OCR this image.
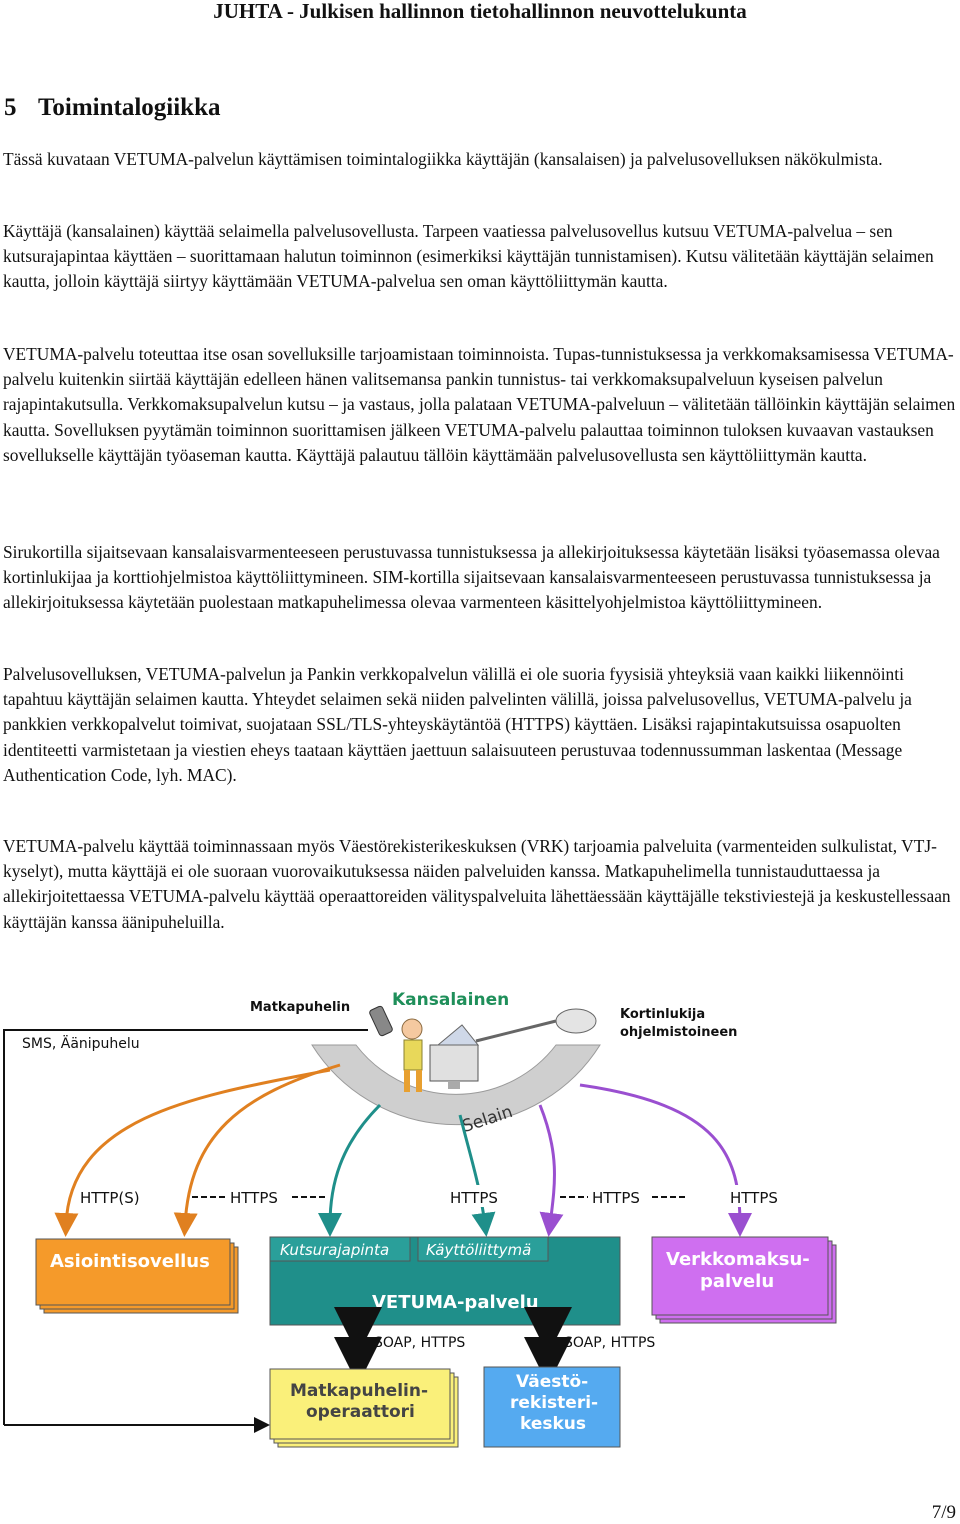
JUHTA - Julkisen hallinnon tietohallinnon neuvottelukunta
5 Toimintalogiikka

Tässä kuvataan VETUMA-palvelun käyttämisen toimintalogiikka käyttäjän (kansalaisen) ja palvelusovelluksen näkökulmista.

Käyttäjä (kansalainen) käyttää selaimella palvelusovellusta. Tarpeen vaatiessa palvelusovellus kutsuu VETUMA-palvelua – sen kutsurajapintaa käyttäen – suorittamaan halutun toiminnon (esimerkiksi käyttäjän tunnistamisen). Kutsu välitetään käyttäjän selaimen kautta, jolloin käyttäjä siirtyy käyttämään VETUMA-palvelua sen oman käyttöliittymän kautta.

VETUMA-palvelu toteuttaa itse osan sovelluksille tarjoamistaan toiminnoista. Tupas-tunnistuksessa ja verkkomaksamisessa VETUMA-palvelu kuitenkin siirtää käyttäjän edelleen hänen valitsemansa pankin tunnistus- tai verkkomaksupalveluun kyseisen palvelun rajapintakutsulla. Verkkomaksupalvelun kutsu – ja vastaus, jolla palataan VETUMA-palveluun – välitetään tällöinkin käyttäjän selaimen kautta. Sovelluksen pyytämän toiminnon suorittamisen jälkeen VETUMA-palvelu palauttaa toiminnon tuloksen kuvaavan vastauksen sovellukselle käyttäjän työaseman kautta. Käyttäjä palautuu tällöin käyttämään palvelusovellusta sen käyttöliittymän kautta.

Sirukortilla sijaitsevaan kansalaisvarmenteeseen perustuvassa tunnistuksessa ja allekirjoituksessa käytetään lisäksi työasemassa olevaa kortinlukijaa ja korttiohjelmistoa käyttöliittymineen. SIM-kortilla sijaitsevaan kansalaisvarmenteeseen perustuvassa tunnistuksessa ja allekirjoituksessa käytetään puolestaan matkapuhelimessa olevaa varmenteen käsittelyohjelmistoa käyttöliittymineen.

Palvelusovelluksen, VETUMA-palvelun ja Pankin verkkopalvelun välillä ei ole suoria fyysisiä yhteyksiä vaan kaikki liikennöinti tapahtuu käyttäjän selaimen kautta. Yhteydet selaimen sekä niiden palvelinten välillä, joissa palvelusovellus, VETUMA-palvelu ja pankkien verkkopalvelut toimivat, suojataan SSL/TLS-yhteyskäytäntöä (HTTPS) käyttäen. Lisäksi rajapintakutsuissa osapuolten identiteetti varmistetaan ja viestien eheys taataan käyttäen jaettuun salaisuuteen perustuvaa todennussumman laskentaa (Message Authentication Code, lyh. MAC).

VETUMA-palvelu käyttää toiminnassaan myös Väestörekisterikeskuksen (VRK) tarjoamia palveluita (varmenteiden sulkulistat, VTJ-kyselyt), mutta käyttäjä ei ole suoraan vuorovaikutuksessa näiden palveluiden kanssa. Matkapuhelimella tunnistauduttaessa ja allekirjoitettaessa VETUMA-palvelu käyttää operaattoreiden välityspalveluita lähettäessään käyttäjälle tekstiviestejä ja keskustellessaan käyttäjän kanssa äänipuheluilla.

Selain
Kansalainen
Matkapuhelin	Kortinlukija
ohjelmistoineen
SMS, Äänipuhelu
HTTP(S)	HTTPS	HTTPS	HTTPS	HTTPS
Asiointisovellus
Kutsurajapinta Käyttöliittymä
VETUMA-palvelu
Verkkomaksu-
palvelu
SOAP, HTTPS	SOAP, HTTPS
Matkapuhelin-
operaattori
Väestö-
rekisteri-
keskus
7/9
